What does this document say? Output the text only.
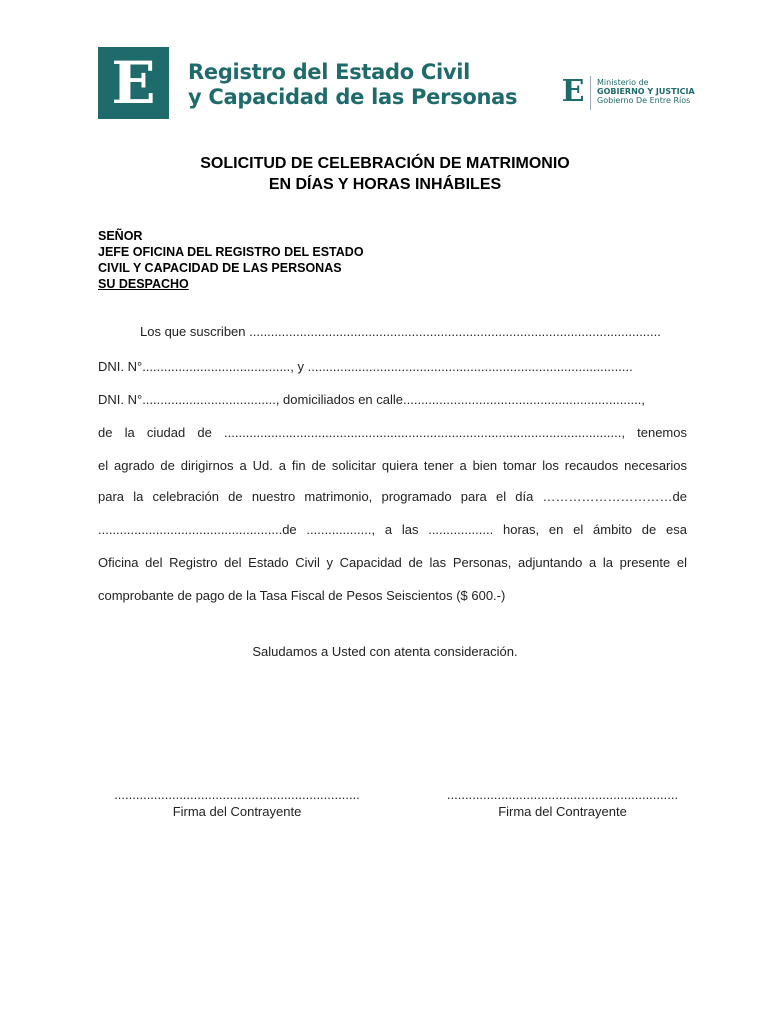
E Registro del Estado Civil
y Capacidad de las Personas E Ministerio de
GOBIERNO Y JUSTICIA
Gobierno De Entre Ríos
SOLICITUD DE CELEBRACIÓN DE MATRIMONIO
EN DÍAS Y HORAS INHÁBILES
SEÑOR
JEFE OFICINA DEL REGISTRO DEL ESTADO
CIVIL Y CAPACIDAD DE LAS PERSONAS
SU DESPACHO
Los que suscriben ..................................................................................................................
DNI. N°........................................., y ..........................................................................................
DNI. N°....................................., domiciliados en calle..................................................................,
de la ciudad de .............................................................................................................., tenemos
el agrado de dirigirnos a Ud. a fin de solicitar quiera tener a bien tomar los recaudos necesarios
para la celebración de nuestro matrimonio, programado para el día …………………………de
...................................................de .................., a las .................. horas, en el ámbito de esa
Oficina del Registro del Estado Civil y Capacidad de las Personas, adjuntando a la presente el
comprobante de pago de la Tasa Fiscal de Pesos Seiscientos ($ 600.-)
Saludamos a Usted con atenta consideración.
....................................................................
Firma del Contrayente
................................................................
Firma del Contrayente
